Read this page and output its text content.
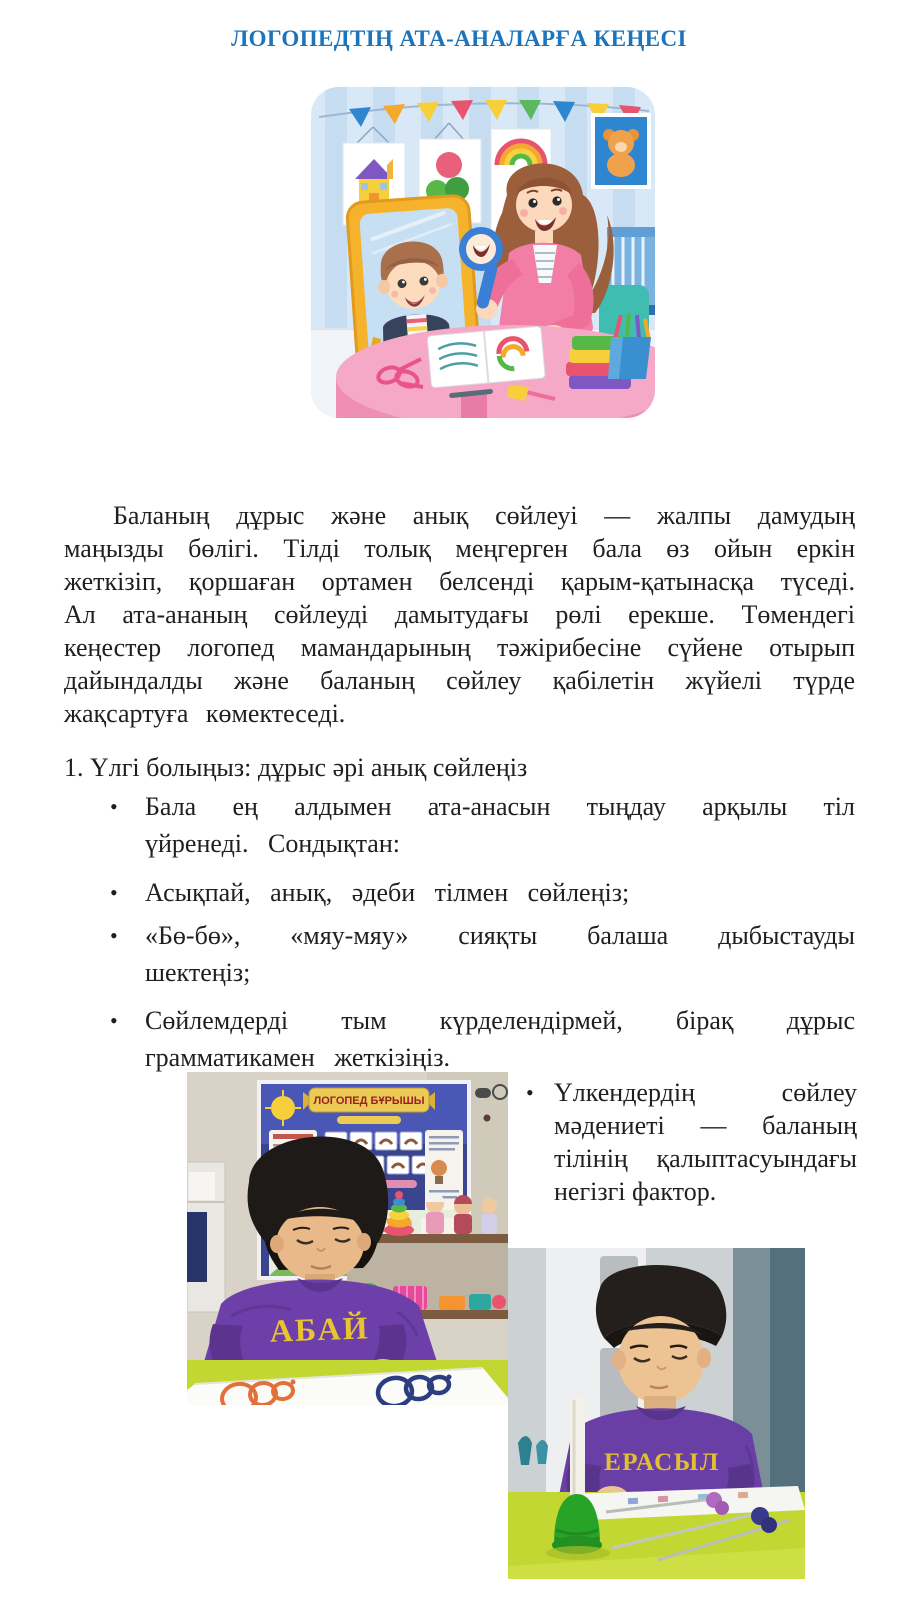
ЛОГОПЕДТІҢ АТА-АНАЛАРҒА КЕҢЕСІ

Баланың дұрыс және анық сөйлеуі — жалпы дамудың маңызды бөлігі. Тілді толық меңгерген бала өз ойын еркін жеткізіп, қоршаған ортамен белсенді қарым-қатынасқа түседі. Ал ата-ананың сөйлеуді дамытудағы рөлі ерекше. Төмендегі кеңестер логопед мамандарының тәжірибесіне сүйене отырып дайындалды және баланың сөйлеу қабілетін жүйелі түрде жақсартуға көмектеседі.

1. Үлгі болыңыз: дұрыс әрі анық сөйлеңіз
• Бала ең алдымен ата-анасын тыңдау арқылы тіл үйренеді. Сондықтан:
• Асықпай, анық, әдеби тілмен сөйлеңіз;
• «Бө-бө», «мяу-мяу» сияқты балаша дыбыстауды шектеңіз;
• Сөйлемдерді тым күрделендірмей, бірақ дұрыс грамматикамен жеткізіңіз.
• Үлкендердің сөйлеу мәдениеті — баланың тілінің қалыптасуындағы негізгі фактор.
ЛОГОПЕД БҰРЫШЫ
АБАЙ
ЕРАСЫЛ
